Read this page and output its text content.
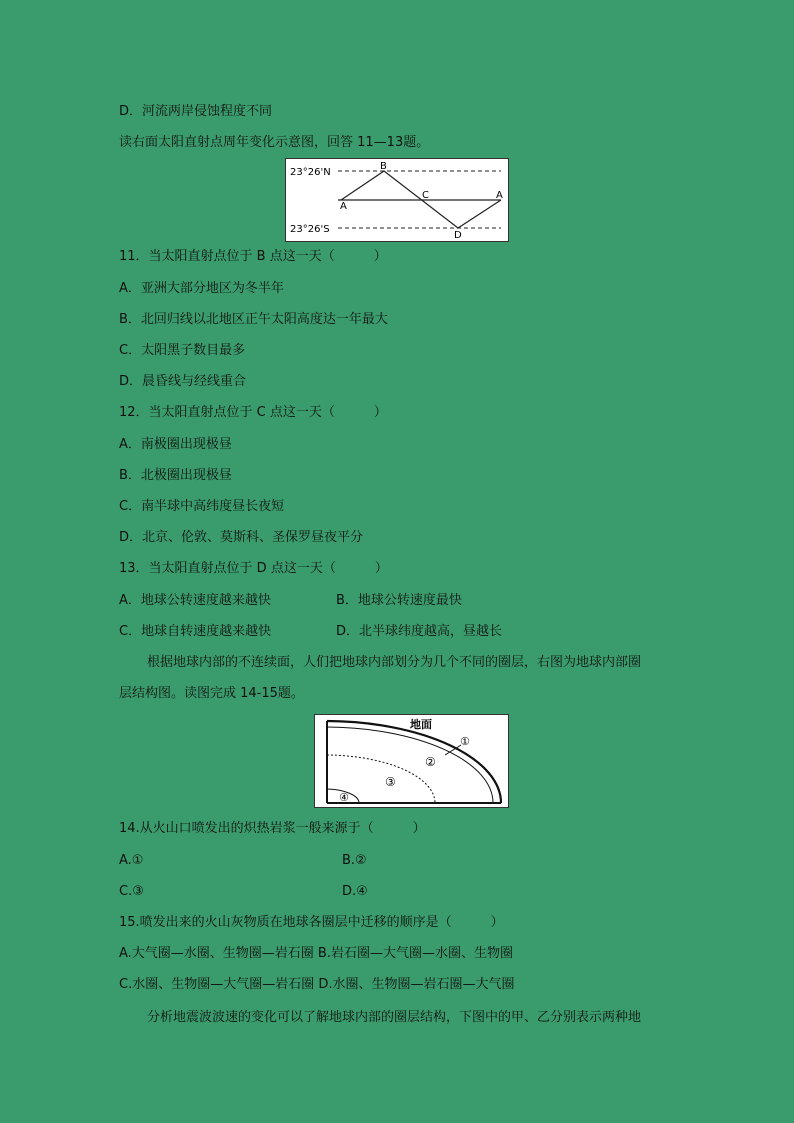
D．河流两岸侵蚀程度不同
读右面太阳直射点周年变化示意图，回答 11—13题。
23°26'N
23°26'S
B
A
C	A
D
11．当太阳直射点位于 B 点这一天（　　　）
A．亚洲大部分地区为冬半年
B．北回归线以北地区正午太阳高度达一年最大
C．太阳黑子数目最多
D．晨昏线与经线重合
12．当太阳直射点位于 C 点这一天（　　　）
A．南极圈出现极昼
B．北极圈出现极昼
C．南半球中高纬度昼长夜短
D．北京、伦敦、莫斯科、圣保罗昼夜平分
13．当太阳直射点位于 D 点这一天（　　　）
A．地球公转速度越来越快	B．地球公转速度最快
C．地球自转速度越来越快	D．北半球纬度越高，昼越长
根据地球内部的不连续面，人们把地球内部划分为几个不同的圈层，右图为地球内部圈
层结构图。读图完成 14-15题。
地面
①
②
③
④
14.从火山口喷发出的炽热岩浆一般来源于（　　　）
A.①	B.②
C.③	D.④
15.喷发出来的火山灰物质在地球各圈层中迁移的顺序是（　　　）
A.大气圈—水圈、生物圈—岩石圈 B.岩石圈—大气圈—水圈、生物圈
C.水圈、生物圈—大气圈—岩石圈 D.水圈、生物圈—岩石圈—大气圈
分析地震波波速的变化可以了解地球内部的圈层结构，下图中的甲、乙分别表示两种地
